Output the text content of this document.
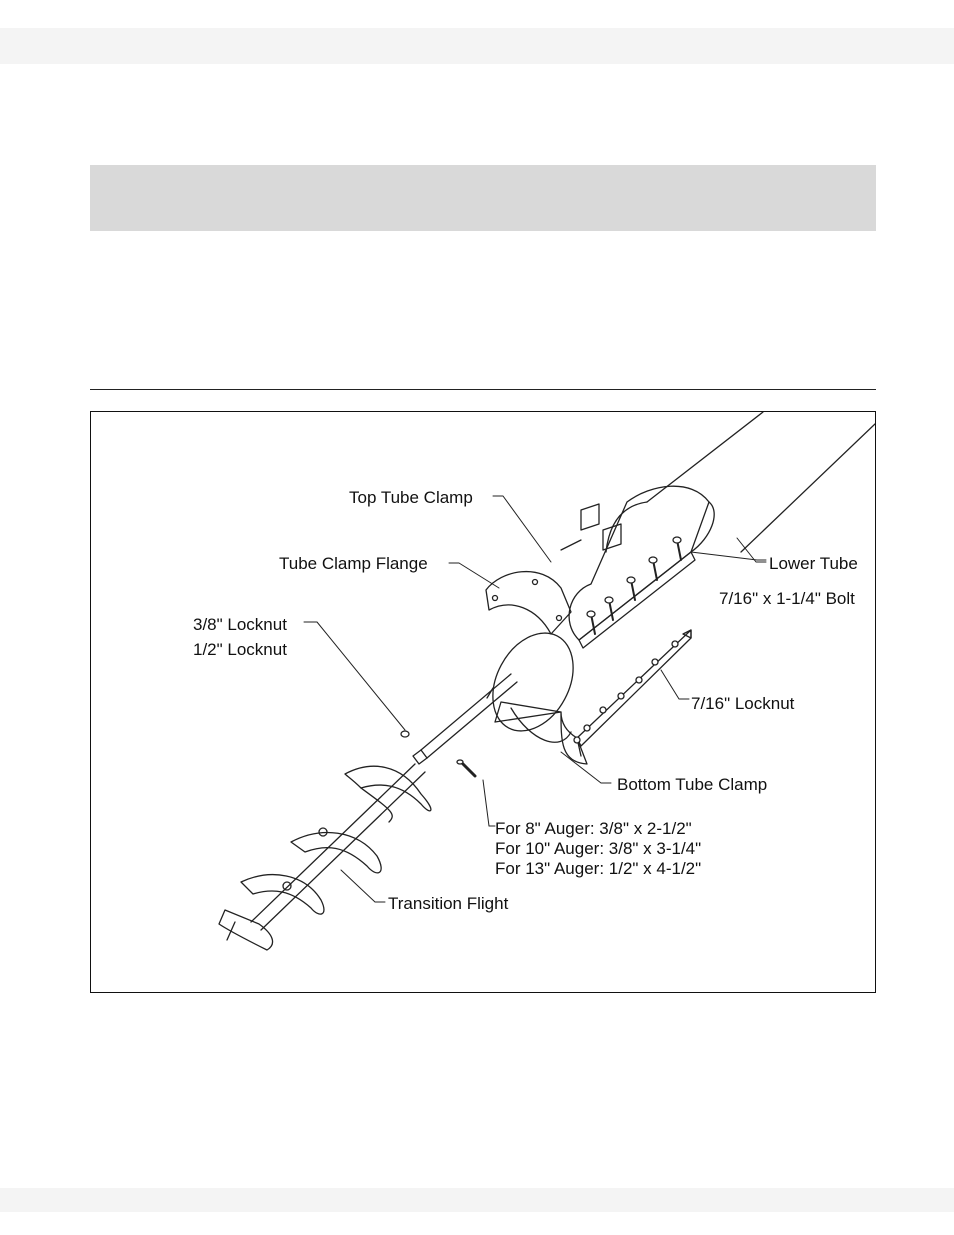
Top Tube Clamp
Tube Clamp Flange	Lower Tube
7/16" x 1-1/4" Bolt
3/8" Locknut
1/2" Locknut
7/16" Locknut
Bottom Tube Clamp
For 8" Auger: 3/8" x 2-1/2"
For 10" Auger: 3/8" x 3-1/4"
For 13" Auger: 1/2" x 4-1/2"
Transition Flight
